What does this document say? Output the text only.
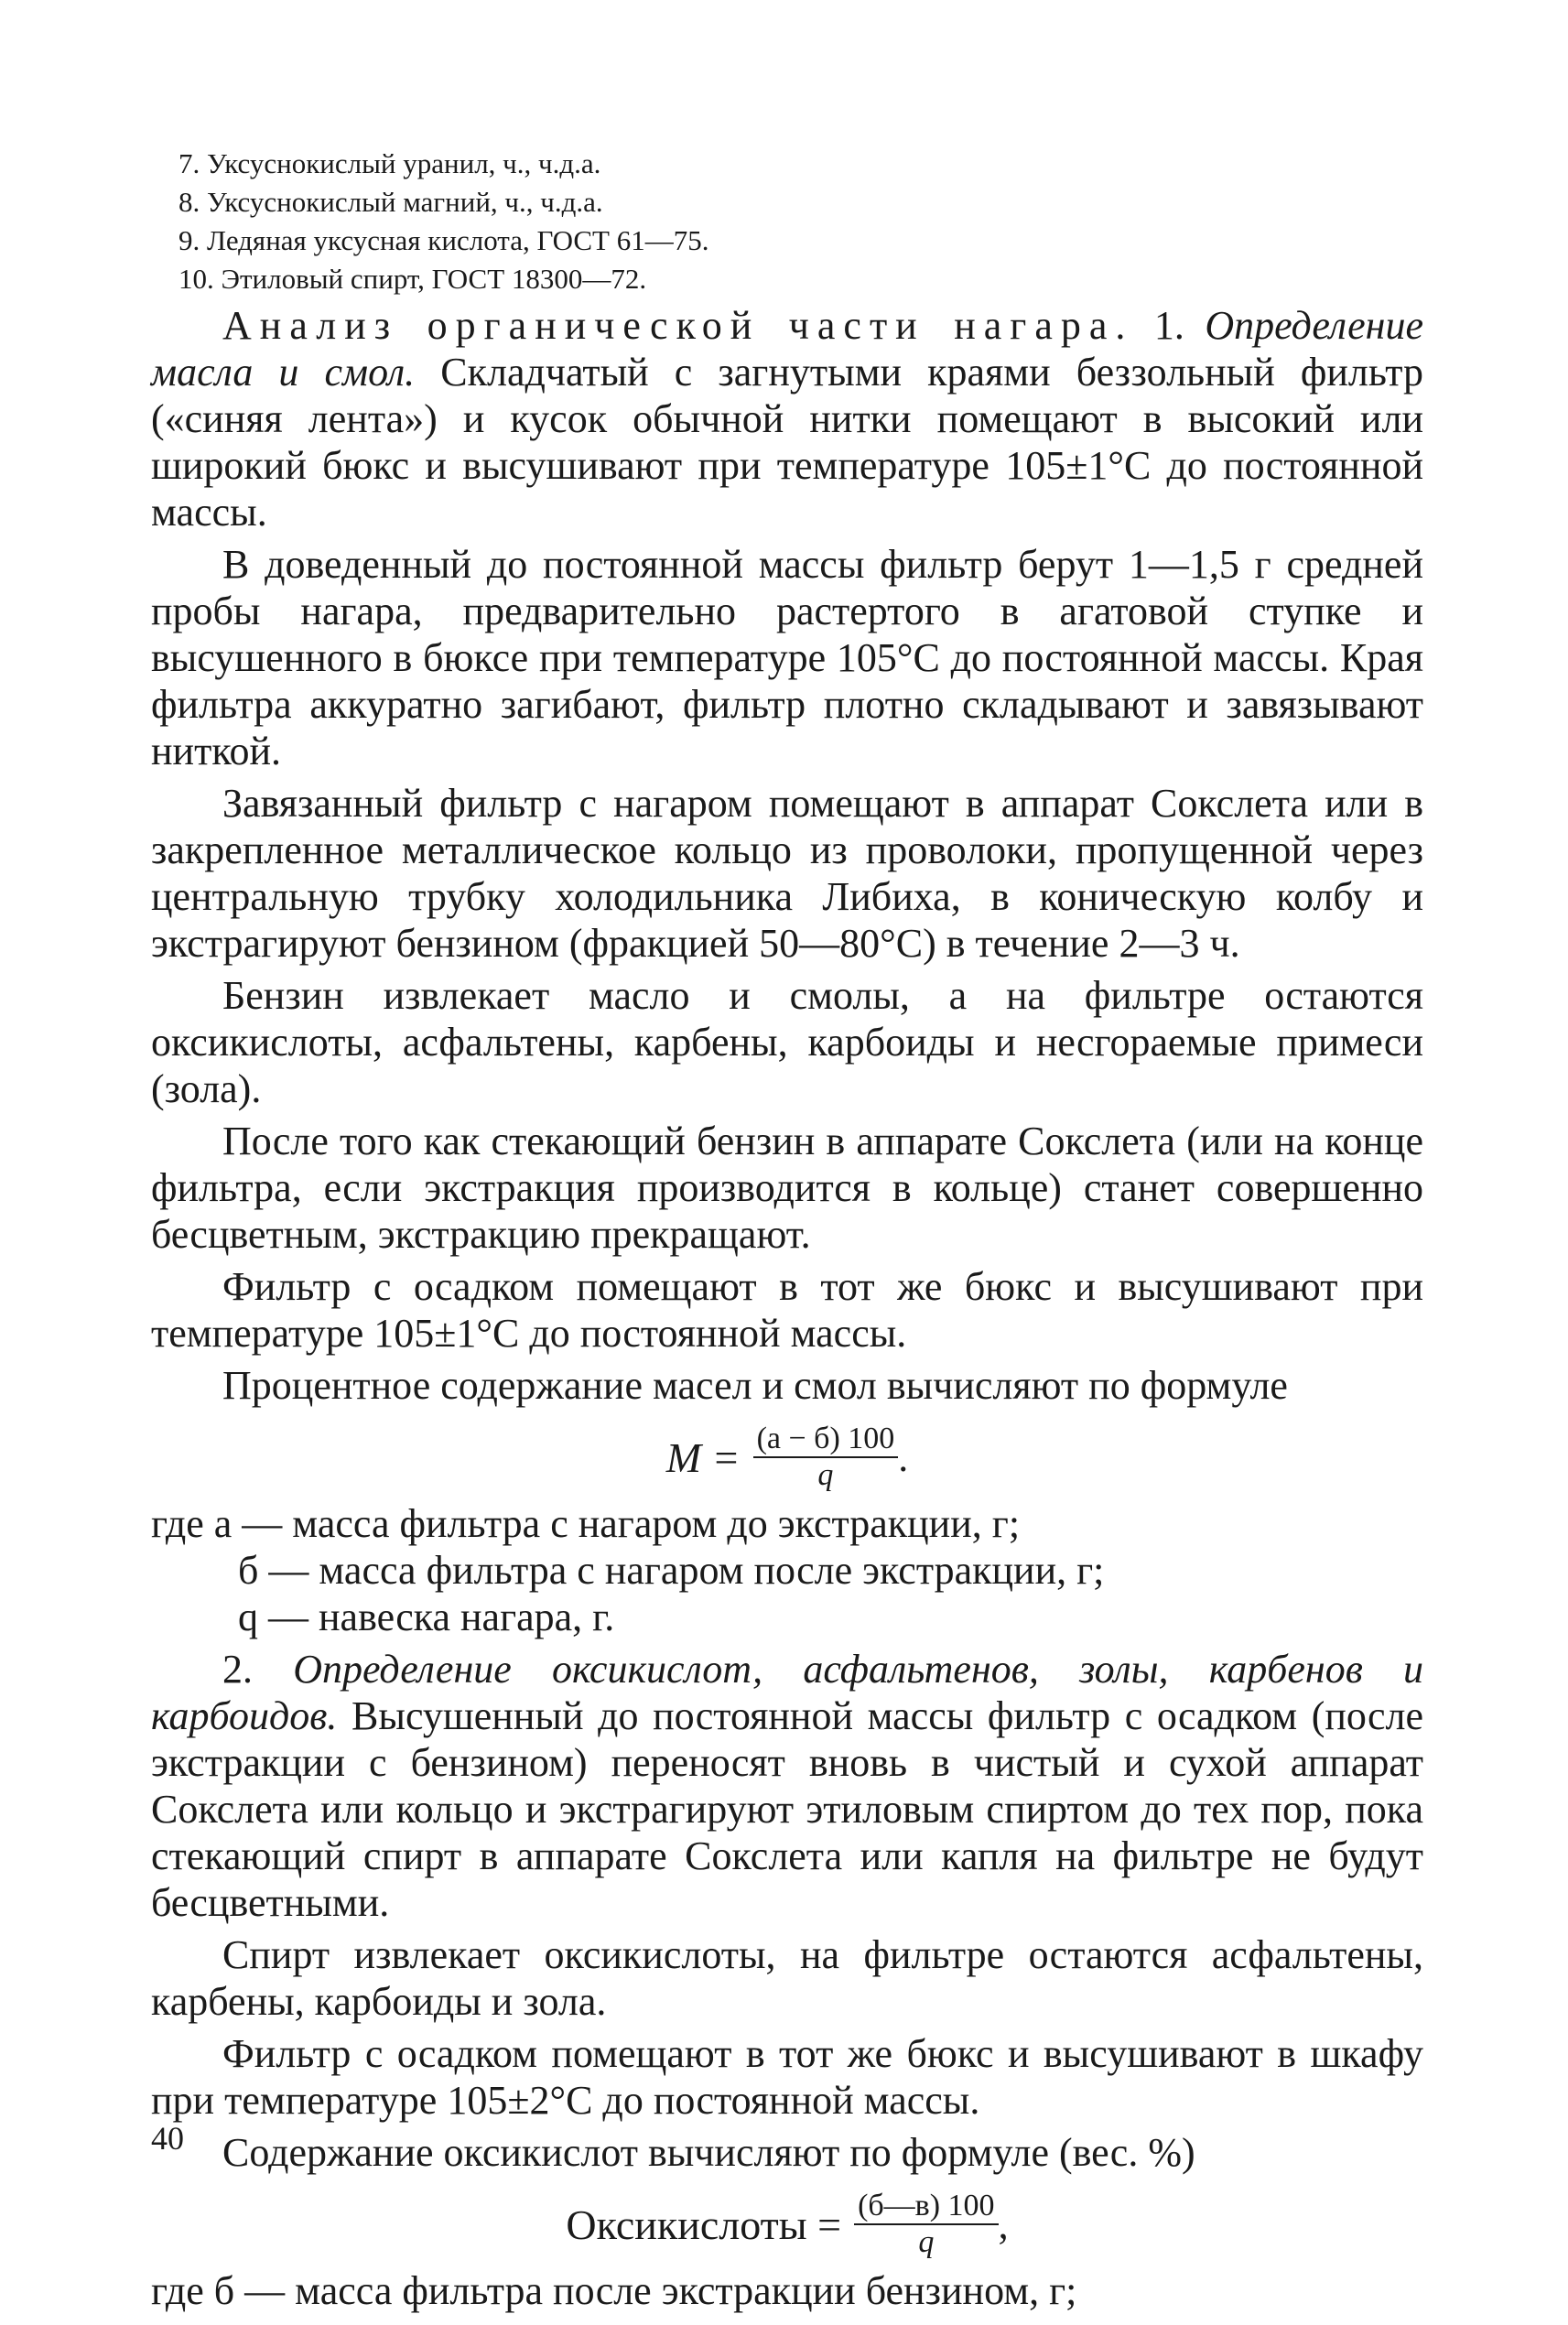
7. Уксуснокислый уранил, ч., ч.д.а.
8. Уксуснокислый магний, ч., ч.д.а.
9. Ледяная уксусная кислота, ГОСТ 61—75.
10. Этиловый спирт, ГОСТ 18300—72.

Анализ органической части нагара. 1. Определение масла и смол. Складчатый с загнутыми краями беззольный фильтр («синяя лента») и кусок обычной нитки помещают в высокий или широкий бюкс и высушивают при температуре 105±1°С до постоянной массы.

В доведенный до постоянной массы фильтр берут 1—1,5 г средней пробы нагара, предварительно растертого в агатовой ступке и высушенного в бюксе при температуре 105°С до постоянной массы. Края фильтра аккуратно загибают, фильтр плотно складывают и завязывают ниткой.

Завязанный фильтр с нагаром помещают в аппарат Сокслета или в закрепленное металлическое кольцо из проволоки, пропущенной через центральную трубку холодильника Либиха, в коническую колбу и экстрагируют бензином (фракцией 50—80°С) в течение 2—3 ч.

Бензин извлекает масло и смолы, а на фильтре остаются оксикислоты, асфальтены, карбены, карбоиды и несгораемые примеси (зола).

После того как стекающий бензин в аппарате Сокслета (или на конце фильтра, если экстракция производится в кольце) станет совершенно бесцветным, экстракцию прекращают.

Фильтр с осадком помещают в тот же бюкс и высушивают при температуре 105±1°С до постоянной массы.

Процентное содержание масел и смол вычисляют по формуле

$M = \frac{(a - б) 100}{q}$ .
где a — масса фильтра с нагаром до экстракции, г;
б — масса фильтра с нагаром после экстракции, г;
q — навеска нагара, г.

2. Определение оксикислот, асфальтенов, золы, карбенов и карбоидов. Высушенный до постоянной массы фильтр с осадком (после экстракции с бензином) переносят вновь в чистый и сухой аппарат Сокслета или кольцо и экстрагируют этиловым спиртом до тех пор, пока стекающий спирт в аппарате Сокслета или капля на фильтре не будут бесцветными.

Спирт извлекает оксикислоты, на фильтре остаются асфальтены, карбены, карбоиды и зола.

Фильтр с осадком помещают в тот же бюкс и высушивают в шкафу при температуре 105±2°С до постоянной массы.

Содержание оксикислот вычисляют по формуле (вес. %)

Оксикислоты = $\frac{(б—в) 100}{q}$ ,
где б — масса фильтра после экстракции бензином, г;
40
